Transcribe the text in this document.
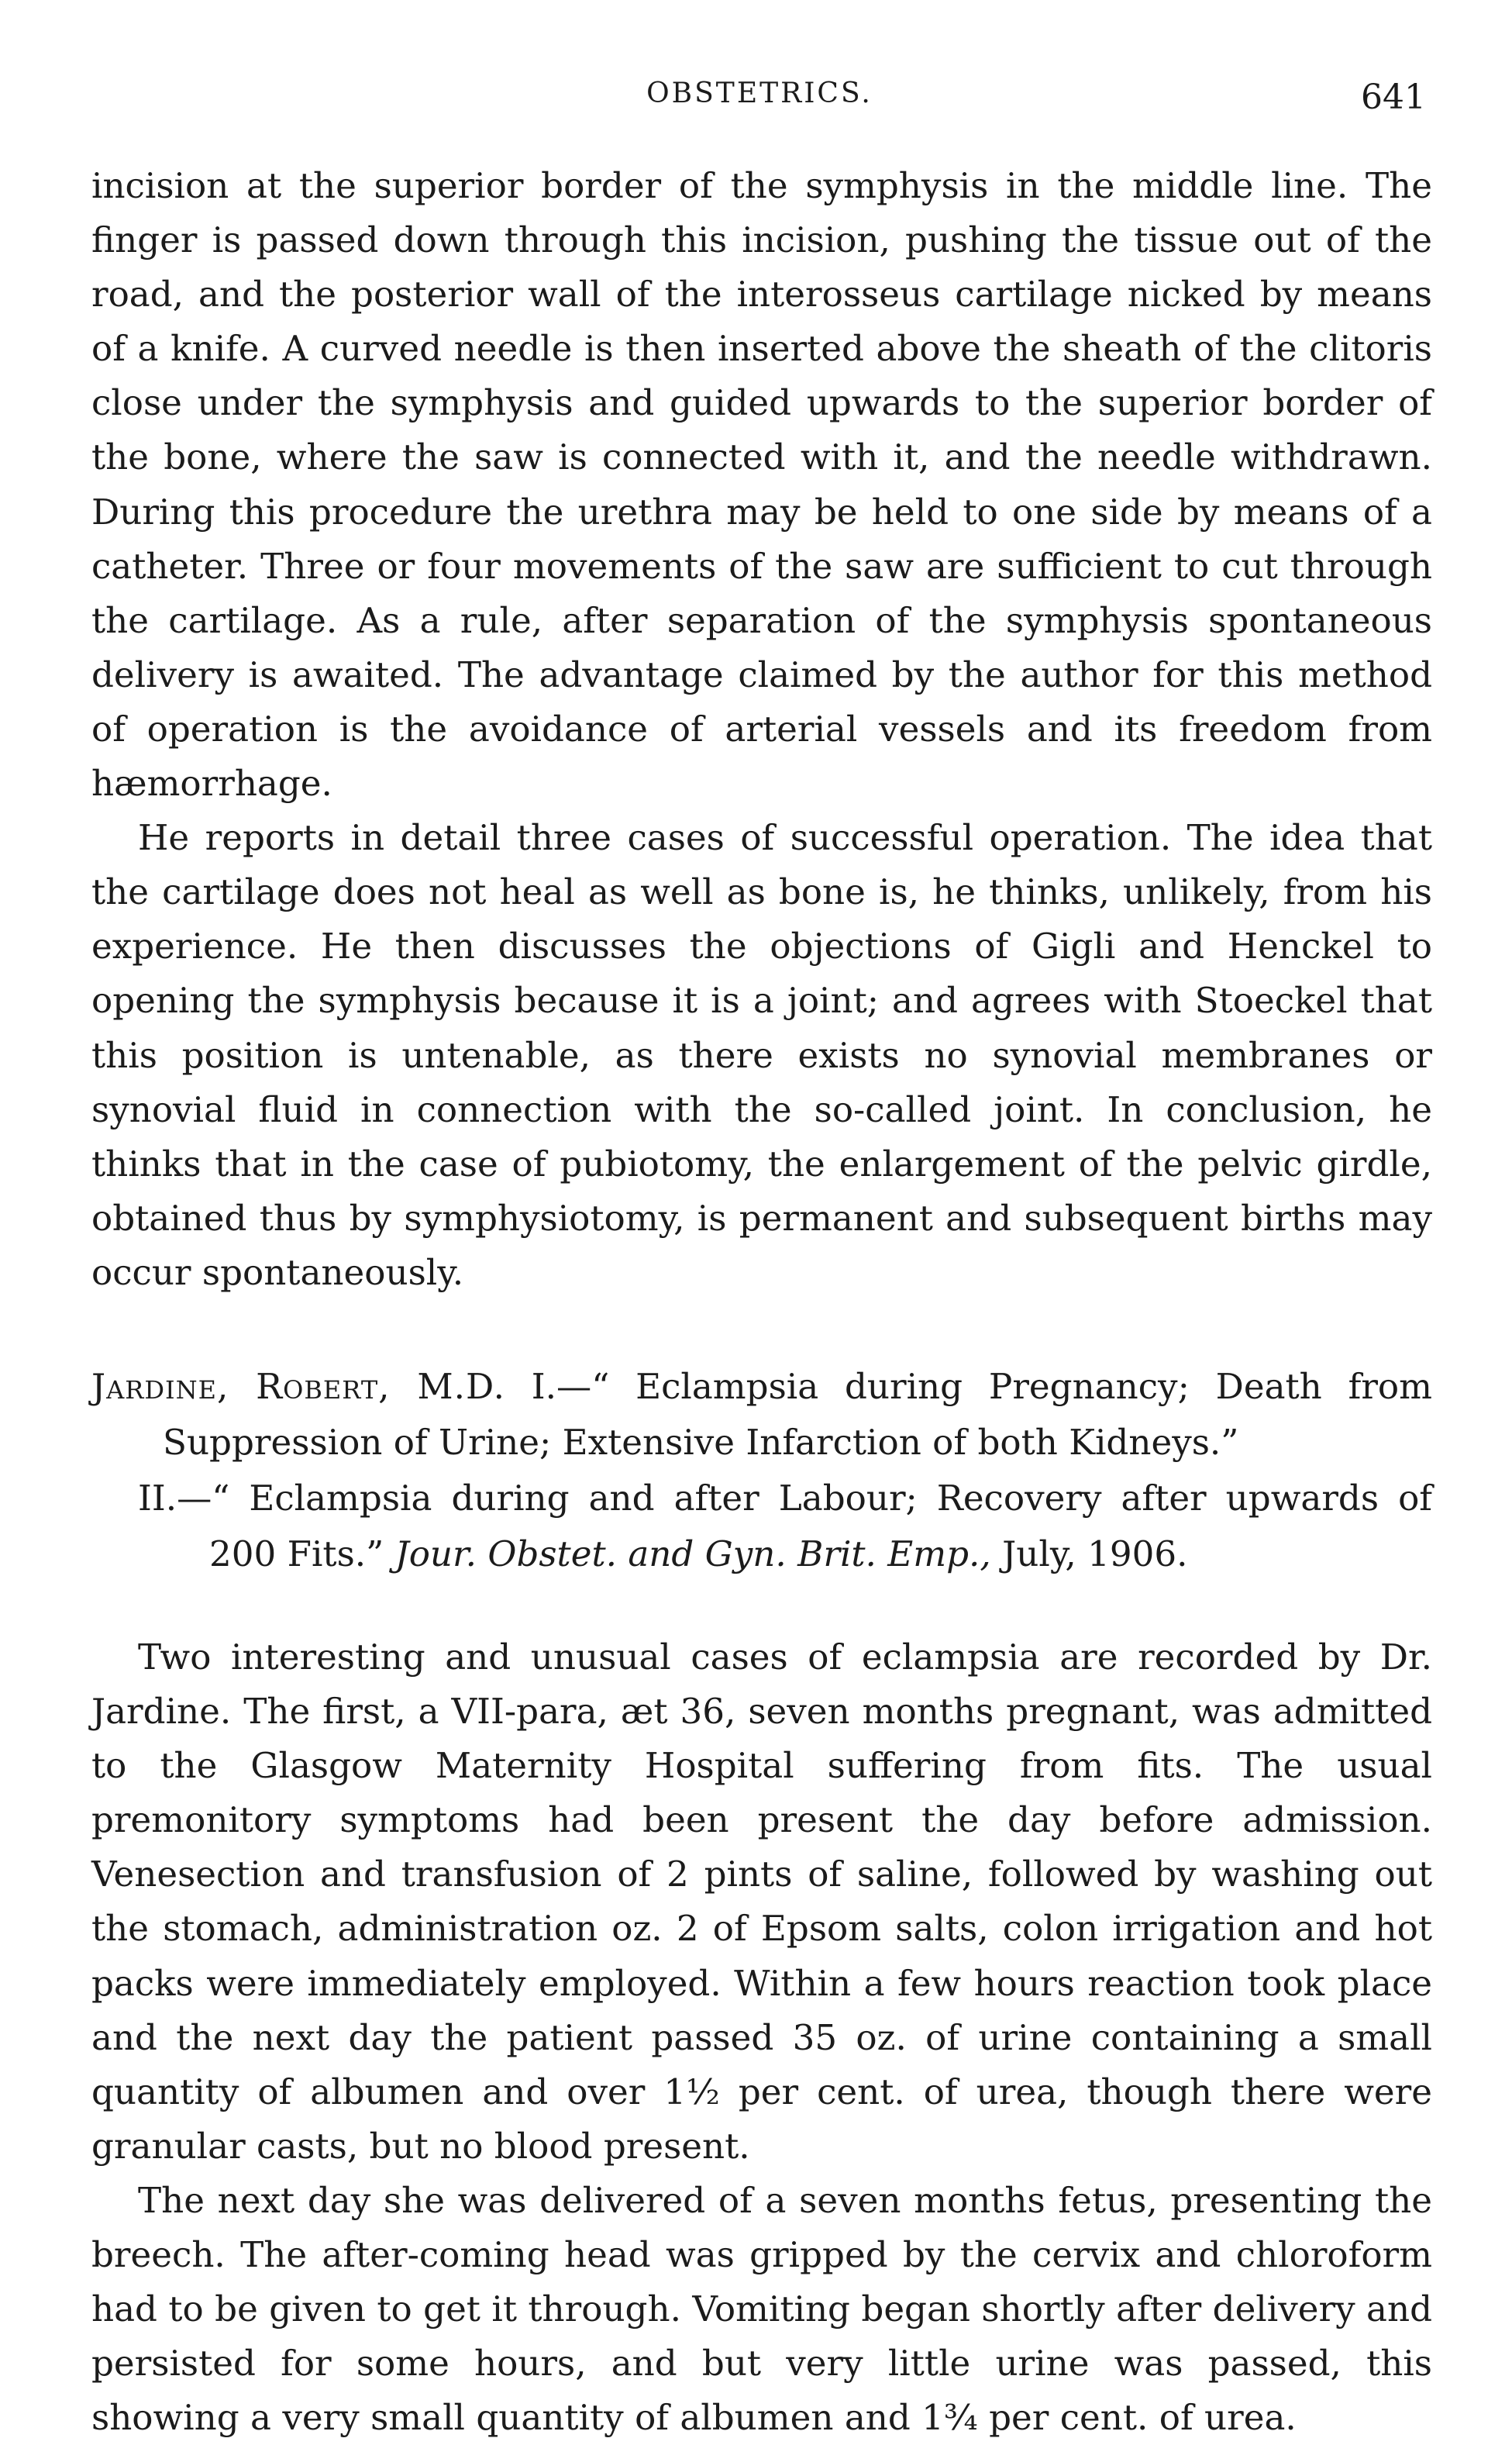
OBSTETRICS.	641

incision at the superior border of the symphysis in the middle line. The finger is passed down through this incision, pushing the tissue out of the road, and the posterior wall of the interosseus cartilage nicked by means of a knife. A curved needle is then inserted above the sheath of the clitoris close under the symphysis and guided upwards to the superior border of the bone, where the saw is connected with it, and the needle withdrawn. During this procedure the urethra may be held to one side by means of a catheter. Three or four movements of the saw are sufficient to cut through the cartilage. As a rule, after separation of the symphysis spontaneous delivery is awaited. The advantage claimed by the author for this method of operation is the avoidance of arterial vessels and its freedom from hæmorrhage.

He reports in detail three cases of successful operation. The idea that the cartilage does not heal as well as bone is, he thinks, unlikely, from his experience. He then discusses the objections of Gigli and Henckel to opening the symphysis because it is a joint; and agrees with Stoeckel that this position is untenable, as there exists no synovial membranes or synovial fluid in connection with the so-called joint. In conclusion, he thinks that in the case of pubiotomy, the enlargement of the pelvic girdle, obtained thus by symphysiotomy, is permanent and subsequent births may occur spontaneously.

Jardine, Robert, M.D. I.—“ Eclampsia during Pregnancy; Death from Suppression of Urine; Extensive Infarction of both Kidneys.”
II.—“ Eclampsia during and after Labour; Recovery after upwards of 200 Fits.” Jour. Obstet. and Gyn. Brit. Emp., July, 1906.

Two interesting and unusual cases of eclampsia are recorded by Dr. Jardine. The first, a VII-para, æt 36, seven months pregnant, was admitted to the Glasgow Maternity Hospital suffering from fits. The usual premonitory symptoms had been present the day before admission. Venesection and transfusion of 2 pints of saline, followed by washing out the stomach, administration oz. 2 of Epsom salts, colon irrigation and hot packs were immediately employed. Within a few hours reaction took place and the next day the patient passed 35 oz. of urine containing a small quantity of albumen and over 1½ per cent. of urea, though there were granular casts, but no blood present.

The next day she was delivered of a seven months fetus, presenting the breech. The after-coming head was gripped by the cervix and chloroform had to be given to get it through. Vomiting began shortly after delivery and persisted for some hours, and but very little urine was passed, this showing a very small quantity of albumen and 1¾ per cent. of urea.
